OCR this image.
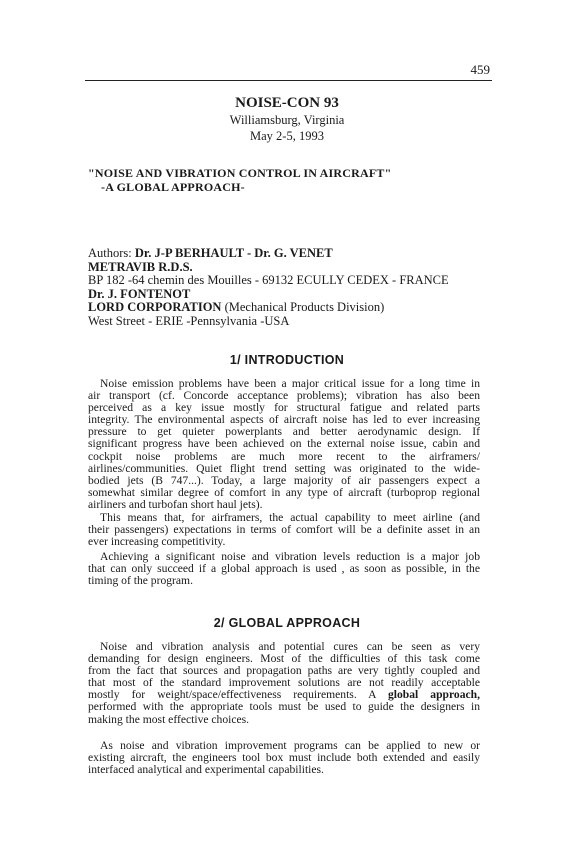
459
NOISE-CON 93
Williamsburg, Virginia
May 2-5, 1993
"NOISE AND VIBRATION CONTROL IN AIRCRAFT"
-A GLOBAL APPROACH-
Authors: Dr. J-P BERHAULT - Dr. G. VENET
METRAVIB R.D.S.
BP 182 -64 chemin des Mouilles - 69132 ECULLY CEDEX - FRANCE
Dr. J. FONTENOT
LORD CORPORATION (Mechanical Products Division)
West Street - ERIE -Pennsylvania -USA
1/ INTRODUCTION
Noise emission problems have been a major critical issue for a long time in
air transport (cf. Concorde acceptance problems); vibration has also been
perceived as a key issue mostly for structural fatigue and related parts
integrity. The environmental aspects of aircraft noise has led to ever increasing
pressure to get quieter powerplants and better aerodynamic design. If
significant progress have been achieved on the external noise issue, cabin and
cockpit noise problems are much more recent to the airframers/
airlines/communities. Quiet flight trend setting was originated to the wide-
bodied jets (B 747...). Today, a large majority of air passengers expect a
somewhat similar degree of comfort in any type of aircraft (turboprop regional
airliners and turbofan short haul jets).
This means that, for airframers, the actual capability to meet airline (and
their passengers) expectations in terms of comfort will be a definite asset in an
ever increasing competitivity.
Achieving a significant noise and vibration levels reduction is a major job
that can only succeed if a global approach is used , as soon as possible, in the
timing of the program.
2/ GLOBAL APPROACH
Noise and vibration analysis and potential cures can be seen as very
demanding for design engineers. Most of the difficulties of this task come
from the fact that sources and propagation paths are very tightly coupled and
that most of the standard improvement solutions are not readily acceptable
mostly for weight/space/effectiveness requirements. A global approach,
performed with the appropriate tools must be used to guide the designers in
making the most effective choices.
As noise and vibration improvement programs can be applied to new or
existing aircraft, the engineers tool box must include both extended and easily
interfaced analytical and experimental capabilities.
